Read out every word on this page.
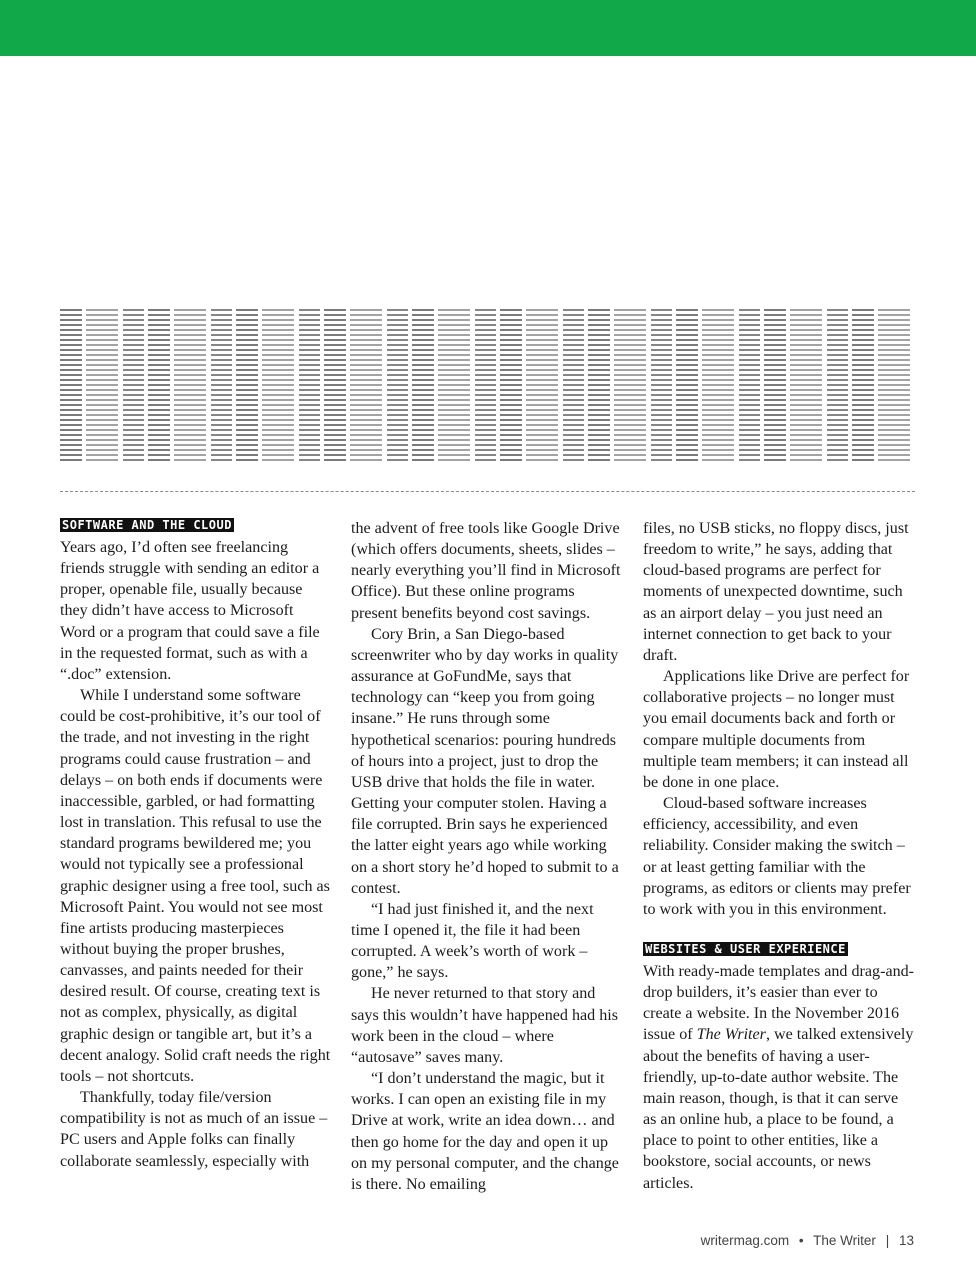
SOFTWARE AND THE CLOUD

Years ago, I’d often see freelancing friends struggle with sending an editor a proper, openable file, usually because they didn’t have access to Microsoft Word or a program that could save a file in the requested format, such as with a “.doc” extension.

While I understand some software could be cost-prohibitive, it’s our tool of the trade, and not investing in the right programs could cause frustration – and delays – on both ends if documents were inaccessible, garbled, or had formatting lost in translation. This refusal to use the standard programs bewildered me; you would not typically see a professional graphic designer using a free tool, such as Microsoft Paint. You would not see most fine artists producing masterpieces without buying the proper brushes, canvasses, and paints needed for their desired result. Of course, creating text is not as complex, physically, as digital graphic design or tangible art, but it’s a decent analogy. Solid craft needs the right tools – not shortcuts.

Thankfully, today file/version compatibility is not as much of an issue – PC users and Apple folks can finally collaborate seamlessly, especially with

the advent of free tools like Google Drive (which offers documents, sheets, slides – nearly everything you’ll find in Microsoft Office). But these online programs present benefits beyond cost savings.

Cory Brin, a San Diego-based screenwriter who by day works in quality assurance at GoFundMe, says that technology can “keep you from going insane.” He runs through some hypothetical scenarios: pouring hundreds of hours into a project, just to drop the USB drive that holds the file in water. Getting your computer stolen. Having a file corrupted. Brin says he experienced the latter eight years ago while working on a short story he’d hoped to submit to a contest.

“I had just finished it, and the next time I opened it, the file it had been corrupted. A week’s worth of work – gone,” he says.

He never returned to that story and says this wouldn’t have happened had his work been in the cloud – where “autosave” saves many.

“I don’t understand the magic, but it works. I can open an existing file in my Drive at work, write an idea down… and then go home for the day and open it up on my personal computer, and the change is there. No emailing

files, no USB sticks, no floppy discs, just freedom to write,” he says, adding that cloud-based programs are perfect for moments of unexpected downtime, such as an airport delay – you just need an internet connection to get back to your draft.

Applications like Drive are perfect for collaborative projects – no longer must you email documents back and forth or compare multiple documents from multiple team members; it can instead all be done in one place.

Cloud-based software increases efficiency, accessibility, and even reliability. Consider making the switch – or at least getting familiar with the programs, as editors or clients may prefer to work with you in this environment.

WEBSITES & USER EXPERIENCE

With ready-made templates and drag-and-drop builders, it’s easier than ever to create a website. In the November 2016 issue of The Writer, we talked extensively about the benefits of having a user-friendly, up-to-date author website. The main reason, though, is that it can serve as an online hub, a place to be found, a place to point to other entities, like a bookstore, social accounts, or news articles.

writermag.com • The Writer | 13
